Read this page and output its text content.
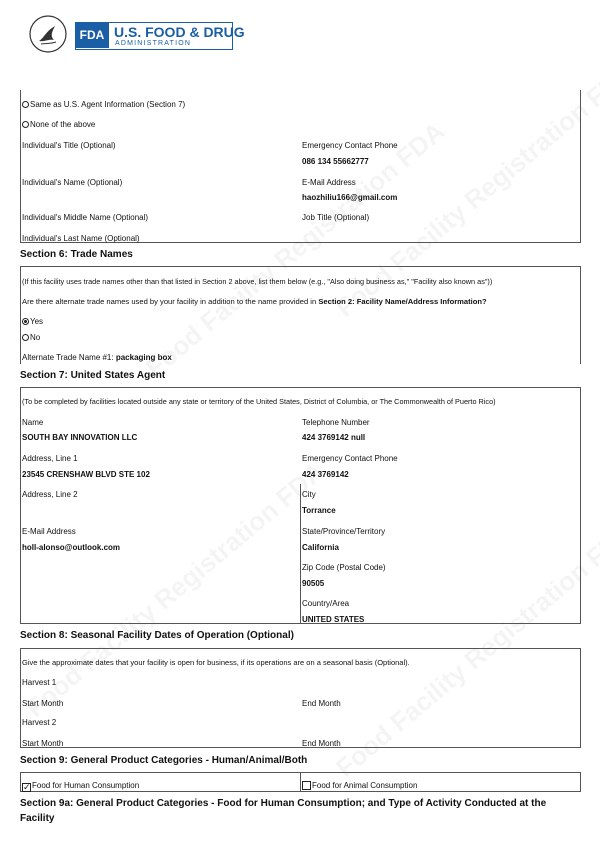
FDA U.S. FOOD & DRUG
ADMINISTRATION
Same as U.S. Agent Information (Section 7)
None of the above
Individual's Title (Optional)
Individual's Name (Optional)
Individual's Middle Name (Optional)
Individual's Last Name (Optional)
Emergency Contact Phone
086 134 55662777
E-Mail Address
haozhiliu166@gmail.com
Job Title (Optional)
Section 6: Trade Names
(If this facility uses trade names other than that listed in Section 2 above, list them below (e.g., "Also doing business as," "Facility also known as"))
Are there alternate trade names used by your facility in addition to the name provided in Section 2: Facility Name/Address Information?
Yes
No
Alternate Trade Name #1: packaging box
Section 7: United States Agent
(To be completed by facilities located outside any state or territory of the United States, District of Columbia, or The Commonwealth of Puerto Rico)
Name
SOUTH BAY INNOVATION LLC
Address, Line 1
23545 CRENSHAW BLVD STE 102
Address, Line 2
E-Mail Address
holl-alonso@outlook.com
Telephone Number
424 3769142 null
Emergency Contact Phone
424 3769142
City
Torrance
State/Province/Territory
California
Zip Code (Postal Code)
90505
Country/Area
UNITED STATES
Section 8: Seasonal Facility Dates of Operation (Optional)
Give the approximate dates that your facility is open for business, if its operations are on a seasonal basis (Optional).
Harvest 1
Start Month	End Month
Harvest 2
Start Month	End Month
Section 9: General Product Categories - Human/Animal/Both
✓Food for Human Consumption	Food for Animal Consumption
Section 9a: General Product Categories - Food for Human Consumption; and Type of Activity Conducted at the
Facility
